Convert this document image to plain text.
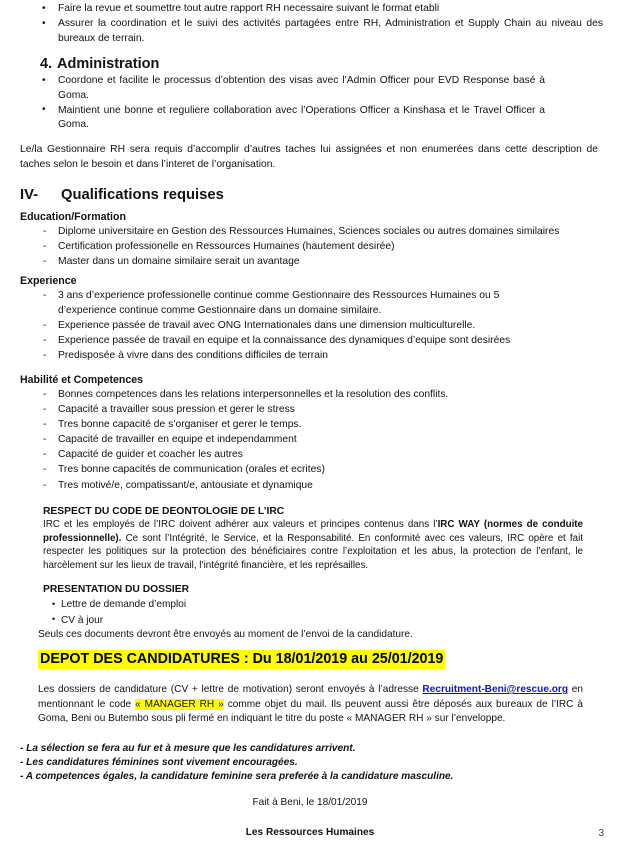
• Faire la revue et soumettre tout autre rapport RH necessaire suivant le format etabli
• Assurer la coordination et le suivi des activités partagées entre RH, Administration et Supply Chain au niveau des bureaux de terrain.
4. Administration
• Coordone et facilite le processus d’obtention des visas avec l’Admin Officer pour EVD Response basé à Goma.
• Maintient une bonne et reguliere collaboration avec l’Operations Officer a Kinshasa et le Travel Officer a Goma.
Le/la Gestionnaire RH sera requis d’accomplir d’autres taches lui assignées et non enumerées dans cette description de taches selon le besoin et dans l’interet de l’organisation.
IV- Qualifications requises
Education/Formation
- Diplome universitaire en Gestion des Ressources Humaines, Sciences sociales ou autres domaines similaires
- Certification professionelle en Ressources Humaines (hautement desirée)
- Master dans un domaine similaire serait un avantage
Experience
- 3 ans d’experience professionelle continue comme Gestionnaire des Ressources Humaines ou 5 d’experience continue comme Gestionnaire dans un domaine similaire.
- Experience passée de travail avec ONG Internationales dans une dimension multiculturelle.
- Experience passée de travail en equipe et la connaissance des dynamiques d’equipe sont desirées
- Predisposée à vivre dans des conditions difficiles de terrain
Habilité et Competences
- Bonnes competences dans les relations interpersonnelles et la resolution des conflits.
- Capacité a travailler sous pression et gerer le stress
- Tres bonne capacité de s’organiser et gerer le temps.
- Capacité de travailler en equipe et independamment
- Capacité de guider et coacher les autres
- Tres bonne capacités de communication (orales et ecrites)
- Tres motivé/e, compatissant/e, antousiate et dynamique
RESPECT DU CODE DE DEONTOLOGIE DE L’IRC
IRC et les employés de l’IRC doivent adhérer aux valeurs et principes contenus dans l’IRC WAY (normes de conduite professionnelle). Ce sont l’Intégrité, le Service, et la Responsabilité. En conformité avec ces valeurs, IRC opère et fait respecter les politiques sur la protection des bénéficiaires contre l’exploitation et les abus, la protection de l’enfant, le harcèlement sur les lieux de travail, l’intégrité financière, et les représailles.
PRESENTATION DU DOSSIER
• Lettre de demande d’emploi
• CV à jour
Seuls ces documents devront être envoyés au moment de l’envoi de la candidature.
DEPOT DES CANDIDATURES : Du 18/01/2019 au 25/01/2019
Les dossiers de candidature (CV + lettre de motivation) seront envoyés à l’adresse Recruitment-Beni@rescue.org en mentionnant le code « MANAGER RH » comme objet du mail. Ils peuvent aussi être déposés aux bureaux de l’IRC à Goma, Beni ou Butembo sous pli fermé en indiquant le titre du poste « MANAGER RH » sur l’enveloppe.
- La sélection se fera au fur et à mesure que les candidatures arrivent.
- Les candidatures féminines sont vivement encouragées.
- A competences égales, la candidature feminine sera preferée à la candidature masculine.
Fait à Beni, le 18/01/2019
Les Ressources Humaines	3
